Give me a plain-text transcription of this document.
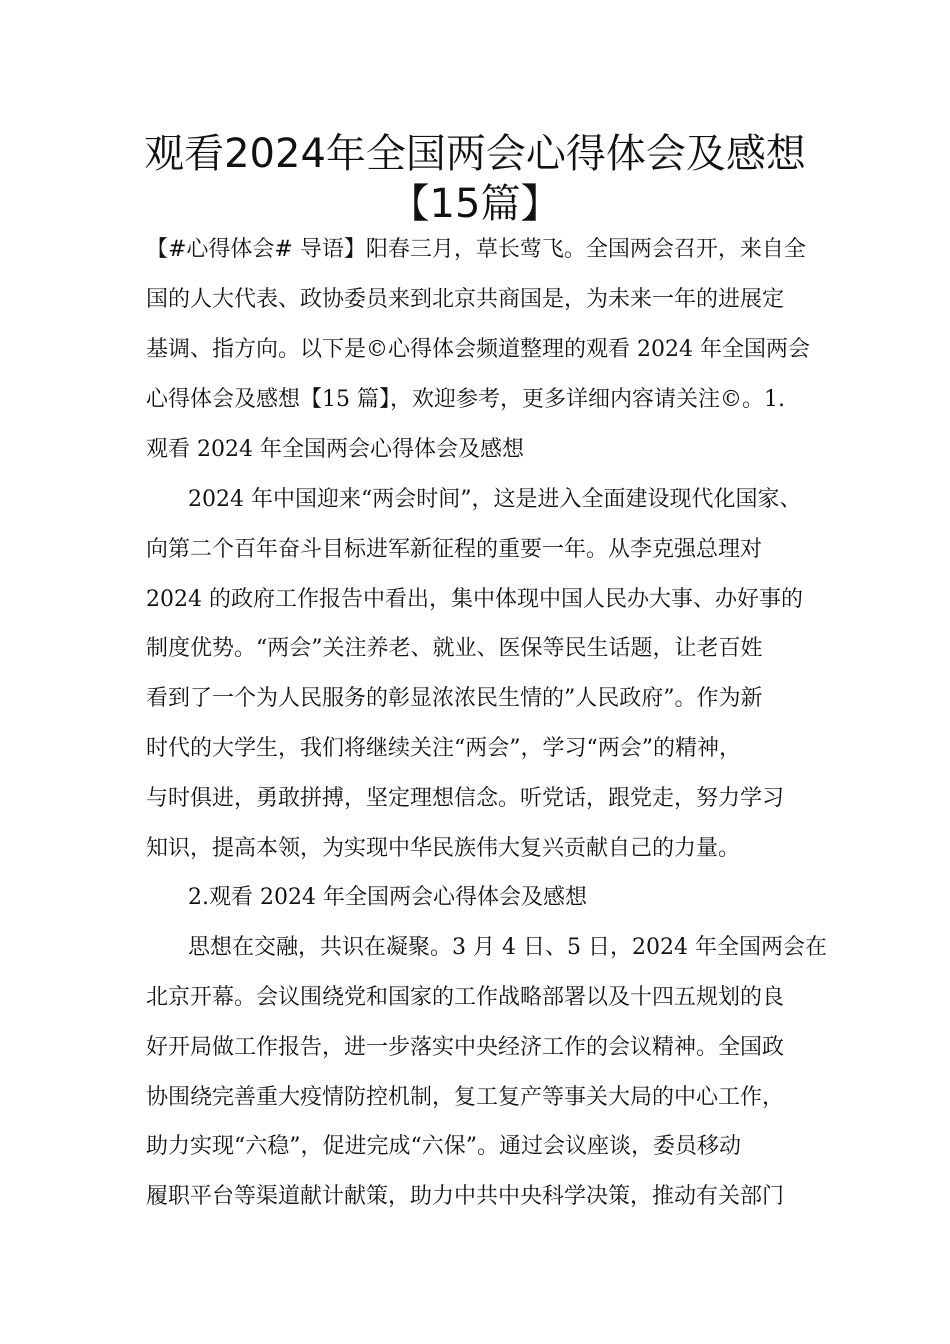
观看2024年全国两会心得体会及感想
【15篇】
【#心得体会# 导语】阳春三月，草长莺飞。全国两会召开，来自全
国的人大代表、政协委员来到北京共商国是，为未来一年的进展定
基调、指方向。以下是©心得体会频道整理的观看 2024 年全国两会
心得体会及感想【15 篇】，欢迎参考，更多详细内容请关注©。1.
观看 2024 年全国两会心得体会及感想
2024 年中国迎来“两会时间”，这是进入全面建设现代化国家、
向第二个百年奋斗目标进军新征程的重要一年。从李克强总理对
2024 的政府工作报告中看出，集中体现中国人民办大事、办好事的
制度优势。“两会”关注养老、就业、医保等民生话题，让老百姓
看到了一个为人民服务的彰显浓浓民生情的”人民政府”。作为新
时代的大学生，我们将继续关注“两会”，学习“两会”的精神，
与时俱进，勇敢拼搏，坚定理想信念。听党话，跟党走，努力学习
知识，提高本领，为实现中华民族伟大复兴贡献自己的力量。
2.观看 2024 年全国两会心得体会及感想
思想在交融，共识在凝聚。3 月 4 日、5 日，2024 年全国两会在
北京开幕。会议围绕党和国家的工作战略部署以及十四五规划的良
好开局做工作报告，进一步落实中央经济工作的会议精神。全国政
协围绕完善重大疫情防控机制，复工复产等事关大局的中心工作，
助力实现“六稳”，促进完成“六保”。通过会议座谈，委员移动
履职平台等渠道献计献策，助力中共中央科学决策，推动有关部门
